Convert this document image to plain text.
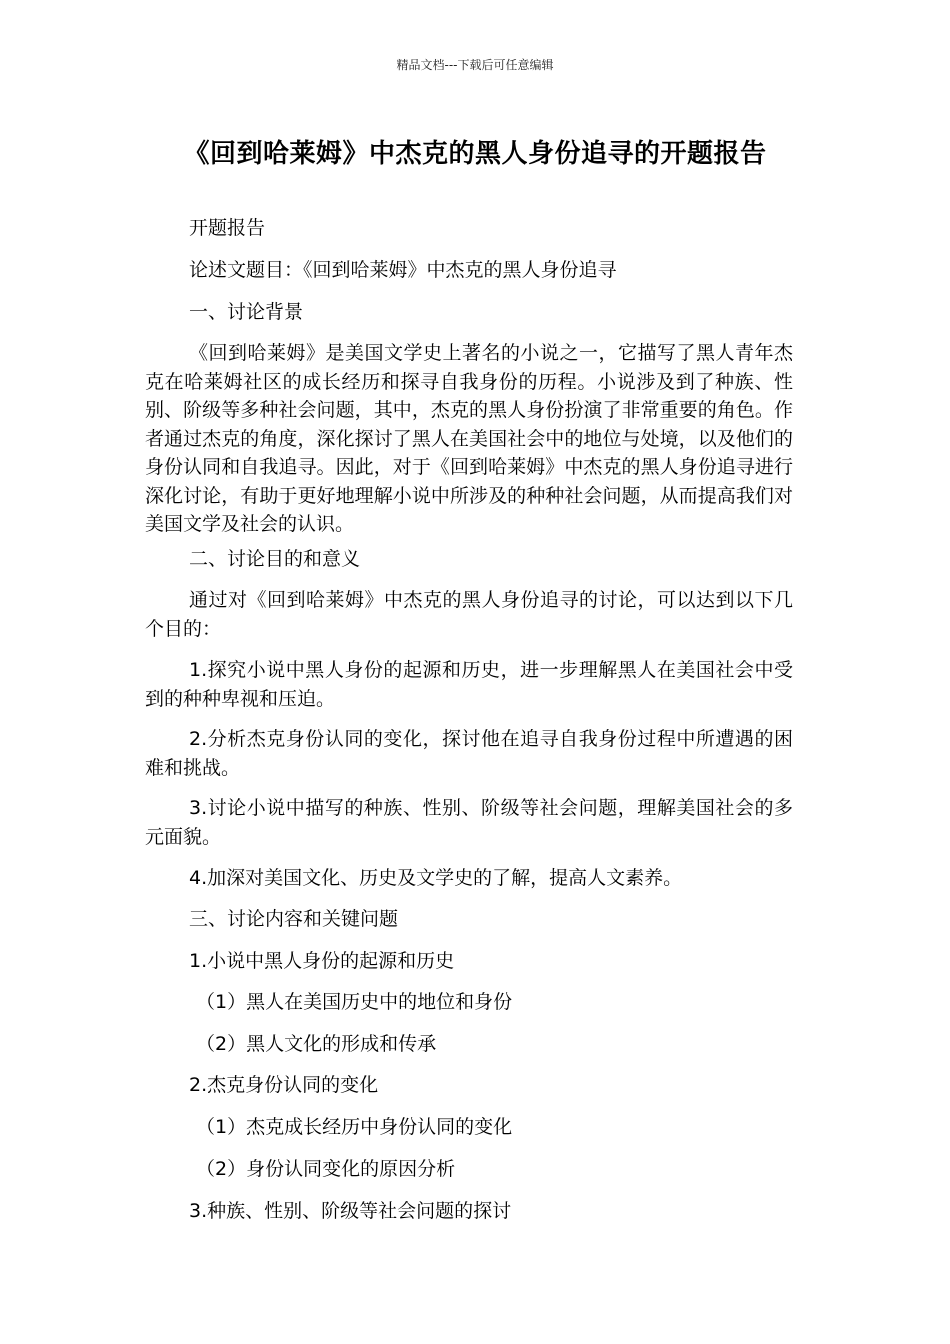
精品文档---下载后可任意编辑
《回到哈莱姆》中杰克的黑人身份追寻的开题报告
开题报告
论述文题目：《回到哈莱姆》中杰克的黑人身份追寻
一、讨论背景
《回到哈莱姆》是美国文学史上著名的小说之一，它描写了黑人青年杰克在哈莱姆社区的成长经历和探寻自我身份的历程。小说涉及到了种族、性别、阶级等多种社会问题，其中，杰克的黑人身份扮演了非常重要的角色。作者通过杰克的角度，深化探讨了黑人在美国社会中的地位与处境，以及他们的身份认同和自我追寻。因此，对于《回到哈莱姆》中杰克的黑人身份追寻进行深化讨论，有助于更好地理解小说中所涉及的种种社会问题，从而提高我们对美国文学及社会的认识。
二、讨论目的和意义
通过对《回到哈莱姆》中杰克的黑人身份追寻的讨论，可以达到以下几个目的：
1.探究小说中黑人身份的起源和历史，进一步理解黑人在美国社会中受到的种种卑视和压迫。
2.分析杰克身份认同的变化，探讨他在追寻自我身份过程中所遭遇的困难和挑战。
3.讨论小说中描写的种族、性别、阶级等社会问题，理解美国社会的多元面貌。
4.加深对美国文化、历史及文学史的了解，提高人文素养。
三、讨论内容和关键问题
1.小说中黑人身份的起源和历史
（1）黑人在美国历史中的地位和身份
（2）黑人文化的形成和传承
2.杰克身份认同的变化
（1）杰克成长经历中身份认同的变化
（2）身份认同变化的原因分析
3.种族、性别、阶级等社会问题的探讨
